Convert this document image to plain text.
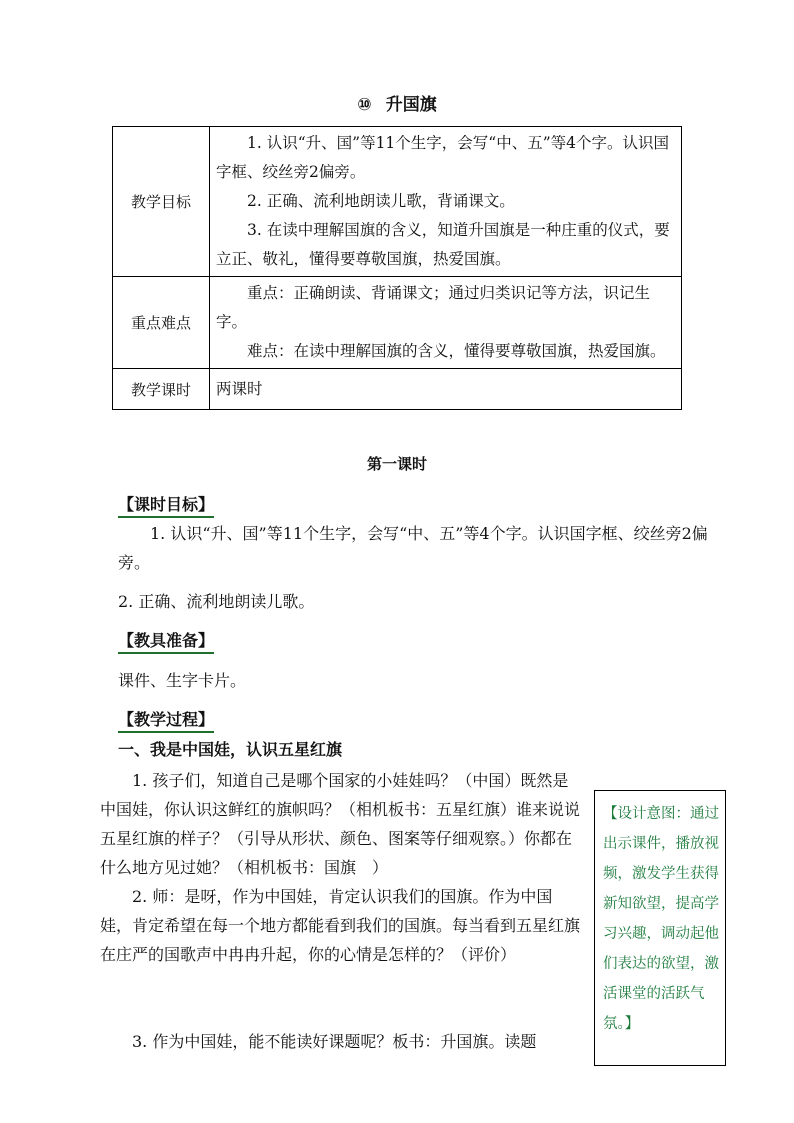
⑩ 升国旗
教学目标	1. 认识“升、国”等11个生字，会写“中、五”等4个字。认识国字框、绞丝旁2偏旁。
2. 正确、流利地朗读儿歌，背诵课文。
3. 在读中理解国旗的含义，知道升国旗是一种庄重的仪式，要立正、敬礼，懂得要尊敬国旗，热爱国旗。

重点难点	重点：正确朗读、背诵课文；通过归类识记等方法，识记生字。
难点：在读中理解国旗的含义，懂得要尊敬国旗，热爱国旗。

教学课时	两课时
第一课时
【课时目标】
1. 认识“升、国”等11个生字，会写“中、五”等4个字。认识国字框、绞丝旁2偏旁。
2. 正确、流利地朗读儿歌。
【教具准备】
课件、生字卡片。
【教学过程】
一、我是中国娃，认识五星红旗
1. 孩子们，知道自己是哪个国家的小娃娃吗？（中国）既然是中国娃，你认识这鲜红的旗帜吗？（相机板书：五星红旗）谁来说说五星红旗的样子？（引导从形状、颜色、图案等仔细观察。）你都在什么地方见过她？（相机板书：国旗　）
2. 师：是呀，作为中国娃，肯定认识我们的国旗。作为中国娃，肯定希望在每一个地方都能看到我们的国旗。每当看到五星红旗在庄严的国歌声中冉冉升起，你的心情是怎样的？（评价）
3. 作为中国娃，能不能读好课题呢？板书：升国旗。读题
【设计意图：通过出示课件，播放视频，激发学生获得新知欲望，提高学习兴趣，调动起他们表达的欲望，激活课堂的活跃气氛。】
